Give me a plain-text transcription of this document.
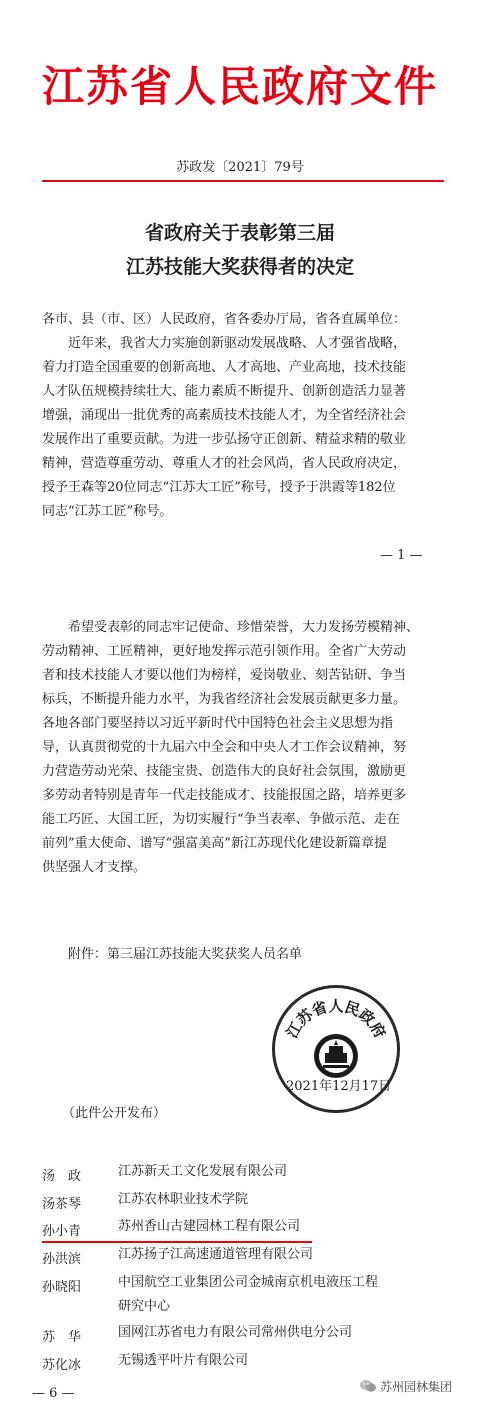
江苏省人民政府文件
苏政发〔2021〕79号
省政府关于表彰第三届
江苏技能大奖获得者的决定
各市、县（市、区）人民政府，省各委办厅局，省各直属单位：
近年来，我省大力实施创新驱动发展战略、人才强省战略，
着力打造全国重要的创新高地、人才高地、产业高地，技术技能
人才队伍规模持续壮大、能力素质不断提升、创新创造活力显著
增强，涌现出一批优秀的高素质技术技能人才，为全省经济社会
发展作出了重要贡献。为进一步弘扬守正创新、精益求精的敬业
精神，营造尊重劳动、尊重人才的社会风尚，省人民政府决定，
授予王森等20位同志“江苏大工匠”称号，授予于洪霞等182位
同志“江苏工匠”称号。
— 1 —
希望受表彰的同志牢记使命、珍惜荣誉，大力发扬劳模精神、
劳动精神、工匠精神，更好地发挥示范引领作用。全省广大劳动
者和技术技能人才要以他们为榜样，爱岗敬业、刻苦钻研、争当
标兵，不断提升能力水平，为我省经济社会发展贡献更多力量。
各地各部门要坚持以习近平新时代中国特色社会主义思想为指
导，认真贯彻党的十九届六中全会和中央人才工作会议精神，努
力营造劳动光荣、技能宝贵、创造伟大的良好社会氛围，激励更
多劳动者特别是青年一代走技能成才、技能报国之路，培养更多
能工巧匠、大国工匠，为切实履行“争当表率、争做示范、走在
前列”重大使命、谱写“强富美高”新江苏现代化建设新篇章提
供坚强人才支撑。
附件：第三届江苏技能大奖获奖人员名单
江苏省人民政府
2021年12月17日
（此件公开发布）
汤　政	江苏新天工文化发展有限公司
汤茶琴	江苏农林职业技术学院
孙小青	苏州香山古建园林工程有限公司
孙洪滨	江苏扬子江高速通道管理有限公司
孙晓阳	中国航空工业集团公司金城南京机电液压工程
研究中心
苏　华	国网江苏省电力有限公司常州供电分公司
苏化冰	无锡透平叶片有限公司
— 6 —	苏州园林集团
